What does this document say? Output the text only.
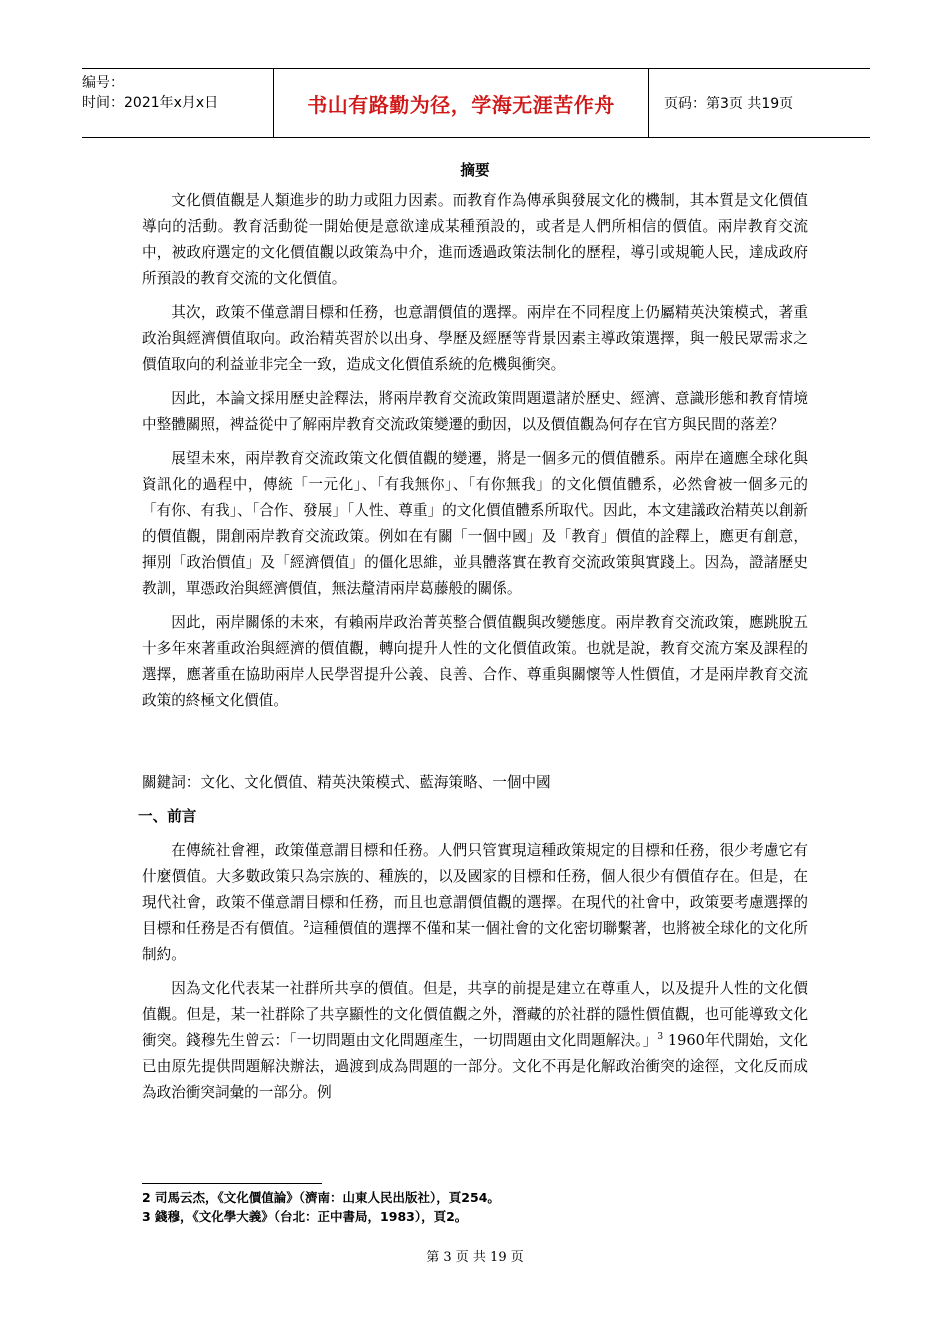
编号：
时间：2021年x月x日	书山有路勤为径，学海无涯苦作舟	页码：第3页 共19页
摘要

文化價值觀是人類進步的助力或阻力因素。而教育作為傳承與發展文化的機制，其本質是文化價值導向的活動。教育活動從一開始便是意欲達成某種預設的，或者是人們所相信的價值。兩岸教育交流中，被政府選定的文化價值觀以政策為中介，進而透過政策法制化的歷程，導引或規範人民，達成政府所預設的教育交流的文化價值。

其次，政策不僅意謂目標和任務，也意謂價值的選擇。兩岸在不同程度上仍屬精英決策模式，著重政治與經濟價值取向。政治精英習於以出身、學歷及經歷等背景因素主導政策選擇，與一般民眾需求之價值取向的利益並非完全一致，造成文化價值系統的危機與衝突。

因此，本論文採用歷史詮釋法，將兩岸教育交流政策問題還諸於歷史、經濟、意識形態和教育情境中整體關照，裨益從中了解兩岸教育交流政策變遷的動因，以及價值觀為何存在官方與民間的落差？

展望未來，兩岸教育交流政策文化價值觀的變遷，將是一個多元的價值體系。兩岸在適應全球化與資訊化的過程中，傳統「一元化」、「有我無你」、「有你無我」的文化價值體系，必然會被一個多元的「有你、有我」、「合作、發展」「人性、尊重」的文化價值體系所取代。因此，本文建議政治精英以創新的價值觀，開創兩岸教育交流政策。例如在有關「一個中國」及「教育」價值的詮釋上，應更有創意，揮別「政治價值」及「經濟價值」的僵化思維，並具體落實在教育交流政策與實踐上。因為，證諸歷史教訓，單憑政治與經濟價值，無法釐清兩岸葛藤般的關係。

因此，兩岸關係的未來，有賴兩岸政治菁英整合價值觀與改變態度。兩岸教育交流政策，應跳脫五十多年來著重政治與經濟的價值觀，轉向提升人性的文化價值政策。也就是說，教育交流方案及課程的選擇，應著重在協助兩岸人民學習提升公義、良善、合作、尊重與關懷等人性價值，才是兩岸教育交流政策的終極文化價值。

關鍵詞：文化、文化價值、精英決策模式、藍海策略、一個中國
一、前言

在傳統社會裡，政策僅意謂目標和任務。人們只管實現這種政策規定的目標和任務，很少考慮它有什麼價值。大多數政策只為宗族的、種族的，以及國家的目標和任務，個人很少有價值存在。但是，在現代社會，政策不僅意謂目標和任務，而且也意謂價值觀的選擇。在現代的社會中，政策要考慮選擇的目標和任務是否有價值。$^2$這種價值的選擇不僅和某一個社會的文化密切聯繫著，也將被全球化的文化所制約。

因為文化代表某一社群所共享的價值。但是，共享的前提是建立在尊重人，以及提升人性的文化價值觀。但是，某一社群除了共享顯性的文化價值觀之外，潛藏的於社群的隱性價值觀，也可能導致文化衝突。錢穆先生曾云：「一切問題由文化問題產生，一切問題由文化問題解決。」$^3$ 1960年代開始，文化已由原先提供問題解決辦法，過渡到成為問題的一部分。文化不再是化解政治衝突的途徑，文化反而成為政治衝突詞彙的一部分。例

2 司馬云杰，《文化價值論》（濟南：山東人民出版社），頁254。
3 錢穆，《文化學大義》（台北：正中書局，1983），頁2。
第 3 页 共 19 页
